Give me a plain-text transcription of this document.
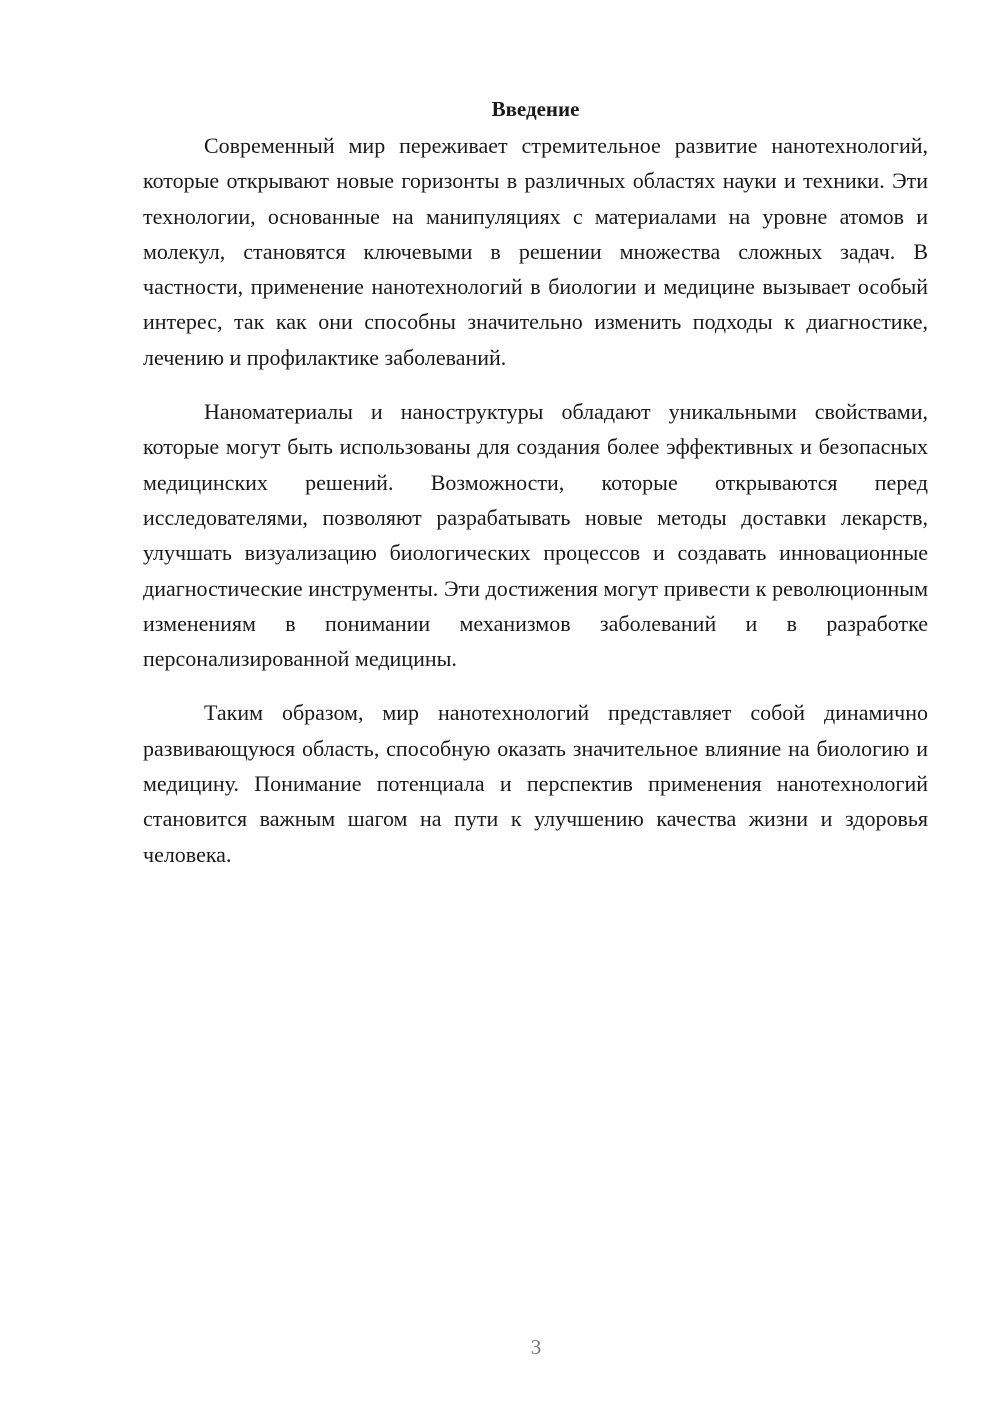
Введение

Современный мир переживает стремительное развитие нанотехнологий, которые открывают новые горизонты в различных областях науки и техники. Эти технологии, основанные на манипуляциях с материалами на уровне атомов и молекул, становятся ключевыми в решении множества сложных задач. В частности, применение нанотехнологий в биологии и медицине вызывает особый интерес, так как они способны значительно изменить подходы к диагностике, лечению и профилактике заболеваний.

Наноматериалы и наноструктуры обладают уникальными свойствами, которые могут быть использованы для создания более эффективных и безопасных медицинских решений. Возможности, которые открываются перед исследователями, позволяют разрабатывать новые методы доставки лекарств, улучшать визуализацию биологических процессов и создавать инновационные диагностические инструменты. Эти достижения могут привести к революционным изменениям в понимании механизмов заболеваний и в разработке персонализированной медицины.

Таким образом, мир нанотехнологий представляет собой динамично развивающуюся область, способную оказать значительное влияние на биологию и медицину. Понимание потенциала и перспектив применения нанотехнологий становится важным шагом на пути к улучшению качества жизни и здоровья человека.

3
